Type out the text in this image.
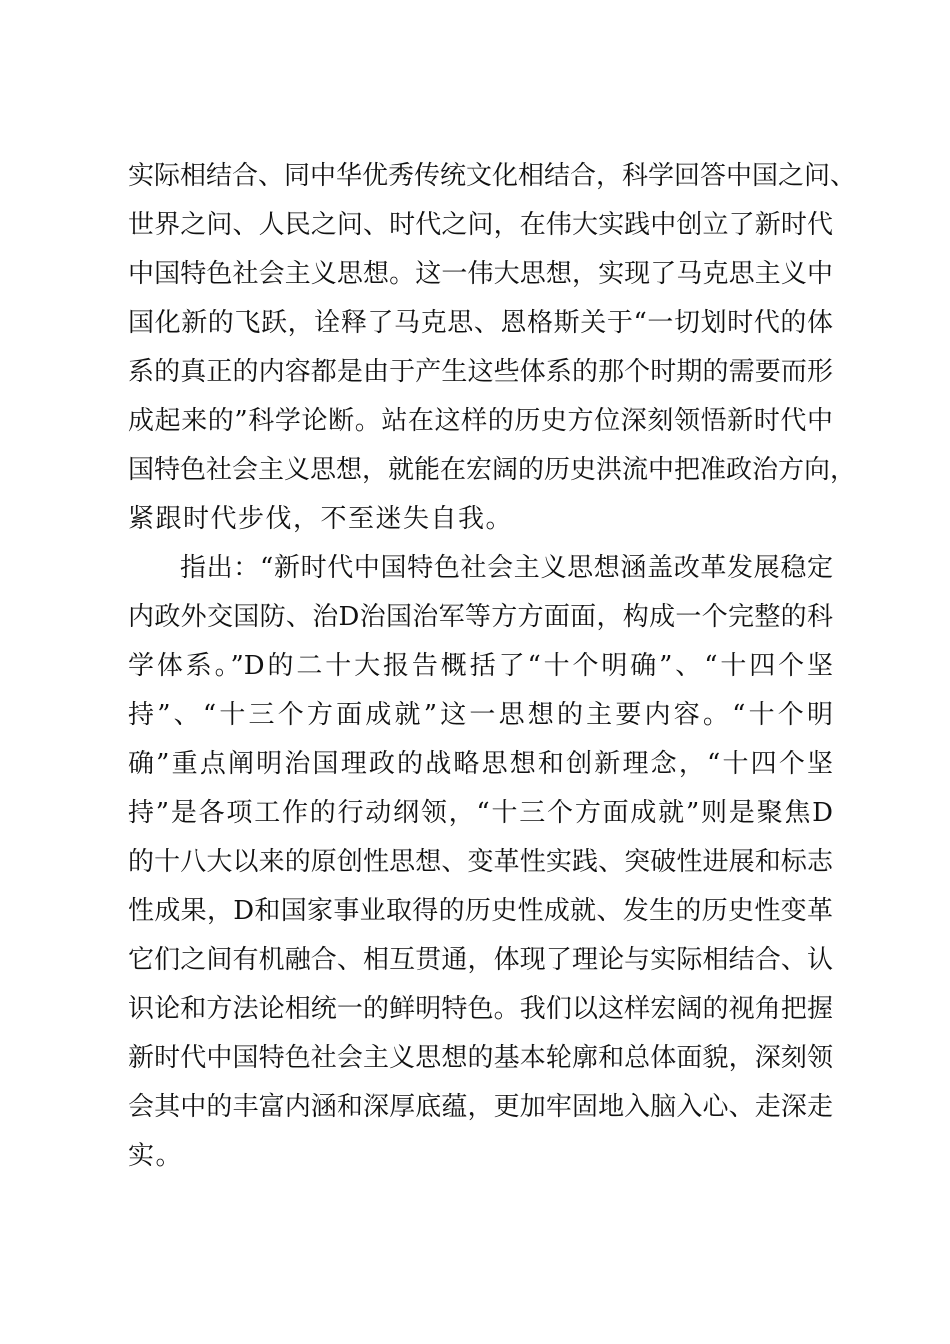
实际相结合、同中华优秀传统文化相结合，科学回答中国之问、
世界之问、人民之问、时代之问，在伟大实践中创立了新时代
中国特色社会主义思想。这一伟大思想，实现了马克思主义中
国化新的飞跃，诠释了马克思、恩格斯关于“一切划时代的体
系的真正的内容都是由于产生这些体系的那个时期的需要而形
成起来的”科学论断。站在这样的历史方位深刻领悟新时代中
国特色社会主义思想，就能在宏阔的历史洪流中把准政治方向，
紧跟时代步伐，不至迷失自我。
指出：“新时代中国特色社会主义思想涵盖改革发展稳定
内政外交国防、治D治国治军等方方面面，构成一个完整的科
学体系。”D的二十大报告概括了“十个明确”、“十四个坚
持”、“十三个方面成就”这一思想的主要内容。“十个明
确”重点阐明治国理政的战略思想和创新理念，“十四个坚
持”是各项工作的行动纲领，“十三个方面成就”则是聚焦D
的十八大以来的原创性思想、变革性实践、突破性进展和标志
性成果，D和国家事业取得的历史性成就、发生的历史性变革
它们之间有机融合、相互贯通，体现了理论与实际相结合、认
识论和方法论相统一的鲜明特色。我们以这样宏阔的视角把握
新时代中国特色社会主义思想的基本轮廓和总体面貌，深刻领
会其中的丰富内涵和深厚底蕴，更加牢固地入脑入心、走深走
实。
